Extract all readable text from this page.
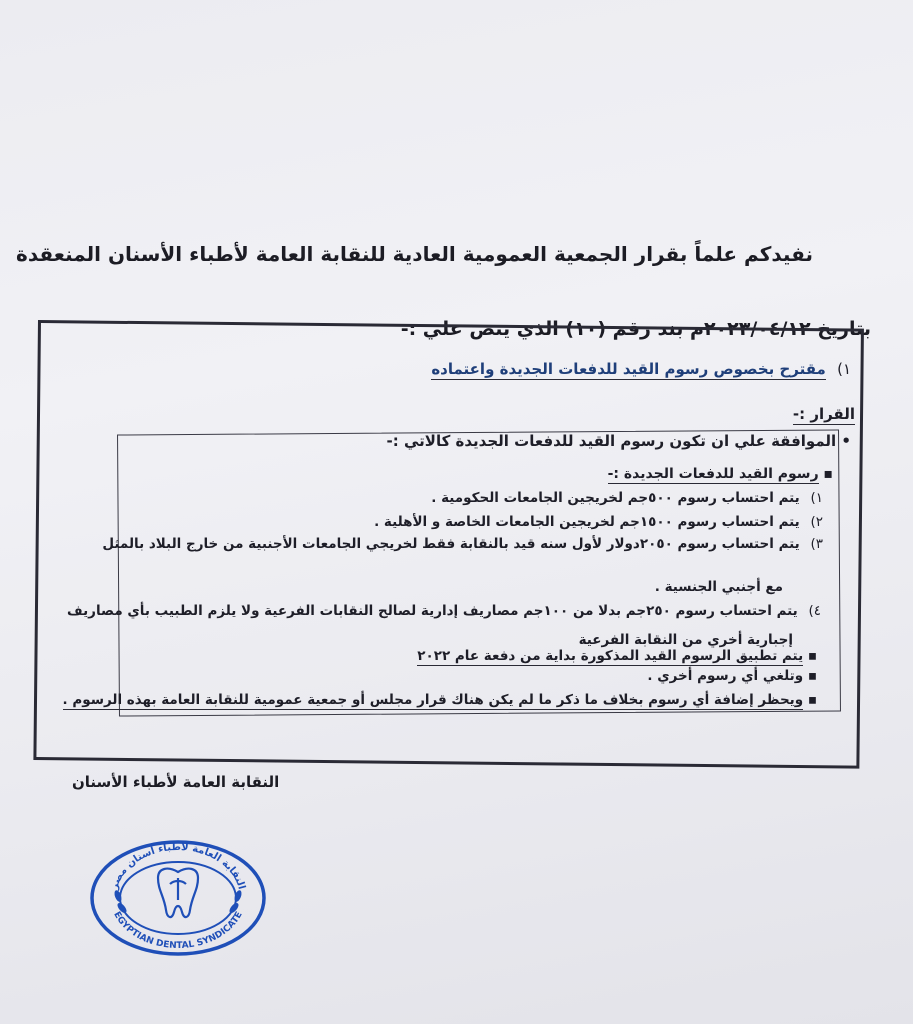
نفيدكم علماً بقرار الجمعية العمومية العادية للنقابة العامة لأطباء الأسنان المنعقدة
بتاريخ ٢٠٢٣/٠٤/١٢م بند رقم (١٠) الذي ينص علي :-
١) مقترح بخصوص رسوم القيد للدفعات الجديدة واعتماده
القرار :-
• الموافقة علي ان تكون رسوم القيد للدفعات الجديدة كالاتي :-
▪ رسوم القيد للدفعات الجديدة :-
١) يتم احتساب رسوم ٥٠٠جم لخريجين الجامعات الحكومية .
٢) يتم احتساب رسوم ١٥٠٠جم لخريجين الجامعات الخاصة و الأهلية .
٣) يتم احتساب رسوم ٢٠٥٠دولار لأول سنه قيد بالنقابة فقط لخريجي الجامعات الأجنبية من خارج البلاد بالمثل
مع أجنبي الجنسية .
٤) يتم احتساب رسوم ٢٥٠جم بدلا من ١٠٠جم مصاريف إدارية لصالح النقابات الفرعية ولا يلزم الطبيب بأي مصاريف
إجبارية أخري من النقابة الفرعية
▪ يتم تطبيق الرسوم القيد المذكورة بداية من دفعة عام ٢٠٢٢
▪ وتلغي أي رسوم أخري .
▪ ويحظر إضافة أي رسوم بخلاف ما ذكر ما لم يكن هناك قرار مجلس أو جمعية عمومية للنقابة العامة بهذه الرسوم .
النقابة العامة لأطباء الأسنان
النقابة العامة لأطباء أسنان مصر
EGYPTIAN DENTAL SYNDICATE
